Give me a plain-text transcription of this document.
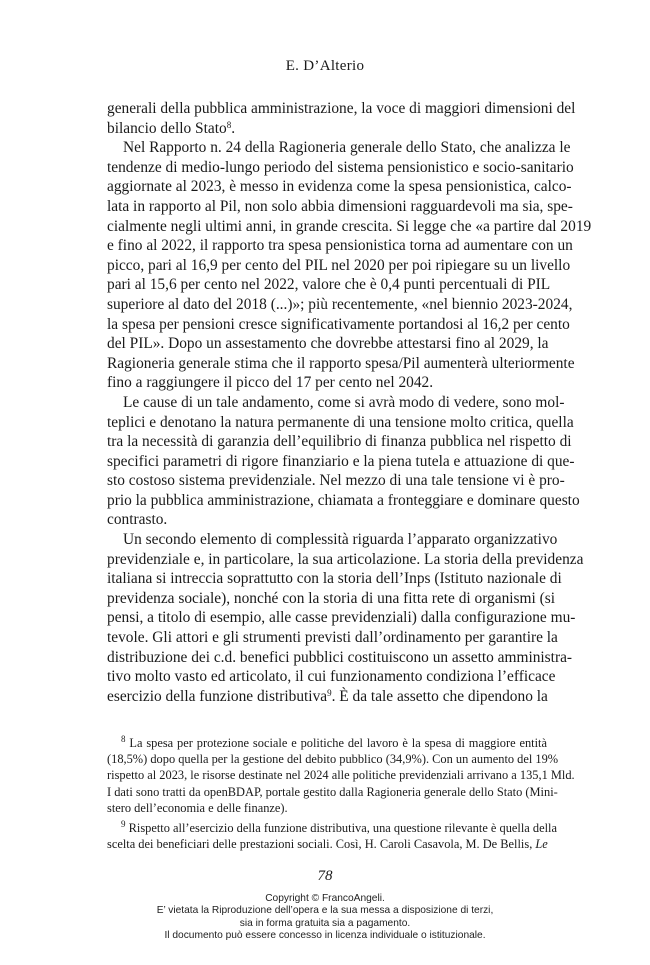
E. D’Alterio
generali della pubblica amministrazione, la voce di maggiori dimensioni del
bilancio dello Stato$^8$.
Nel Rapporto n. 24 della Ragioneria generale dello Stato, che analizza le
tendenze di medio-lungo periodo del sistema pensionistico e socio-sanitario
aggiornate al 2023, è messo in evidenza come la spesa pensionistica, calco-
lata in rapporto al Pil, non solo abbia dimensioni ragguardevoli ma sia, spe-
cialmente negli ultimi anni, in grande crescita. Si legge che «a partire dal 2019
e fino al 2022, il rapporto tra spesa pensionistica torna ad aumentare con un
picco, pari al 16,9 per cento del PIL nel 2020 per poi ripiegare su un livello
pari al 15,6 per cento nel 2022, valore che è 0,4 punti percentuali di PIL
superiore al dato del 2018 (...)»; più recentemente, «nel biennio 2023-2024,
la spesa per pensioni cresce significativamente portandosi al 16,2 per cento
del PIL». Dopo un assestamento che dovrebbe attestarsi fino al 2029, la
Ragioneria generale stima che il rapporto spesa/Pil aumenterà ulteriormente
fino a raggiungere il picco del 17 per cento nel 2042.
Le cause di un tale andamento, come si avrà modo di vedere, sono mol-
teplici e denotano la natura permanente di una tensione molto critica, quella
tra la necessità di garanzia dell’equilibrio di finanza pubblica nel rispetto di
specifici parametri di rigore finanziario e la piena tutela e attuazione di que-
sto costoso sistema previdenziale. Nel mezzo di una tale tensione vi è pro-
prio la pubblica amministrazione, chiamata a fronteggiare e dominare questo
contrasto.
Un secondo elemento di complessità riguarda l’apparato organizzativo
previdenziale e, in particolare, la sua articolazione. La storia della previdenza
italiana si intreccia soprattutto con la storia dell’Inps (Istituto nazionale di
previdenza sociale), nonché con la storia di una fitta rete di organismi (si
pensi, a titolo di esempio, alle casse previdenziali) dalla configurazione mu-
tevole. Gli attori e gli strumenti previsti dall’ordinamento per garantire la
distribuzione dei c.d. benefici pubblici costituiscono un assetto amministra-
tivo molto vasto ed articolato, il cui funzionamento condiziona l’efficace
esercizio della funzione distributiva$^9$. È da tale assetto che dipendono la
$^8$ La spesa per protezione sociale e politiche del lavoro è la spesa di maggiore entità
(18,5%) dopo quella per la gestione del debito pubblico (34,9%). Con un aumento del 19%
rispetto al 2023, le risorse destinate nel 2024 alle politiche previdenziali arrivano a 135,1 Mld.
I dati sono tratti da openBDAP, portale gestito dalla Ragioneria generale dello Stato (Mini-
stero dell’economia e delle finanze).
$^9$ Rispetto all’esercizio della funzione distributiva, una questione rilevante è quella della
scelta dei beneficiari delle prestazioni sociali. Così, H. Caroli Casavola, M. De Bellis, Le
78
Copyright © FrancoAngeli.
E’ vietata la Riproduzione dell’opera e la sua messa a disposizione di terzi,
sia in forma gratuita sia a pagamento.
Il documento può essere concesso in licenza individuale o istituzionale.
